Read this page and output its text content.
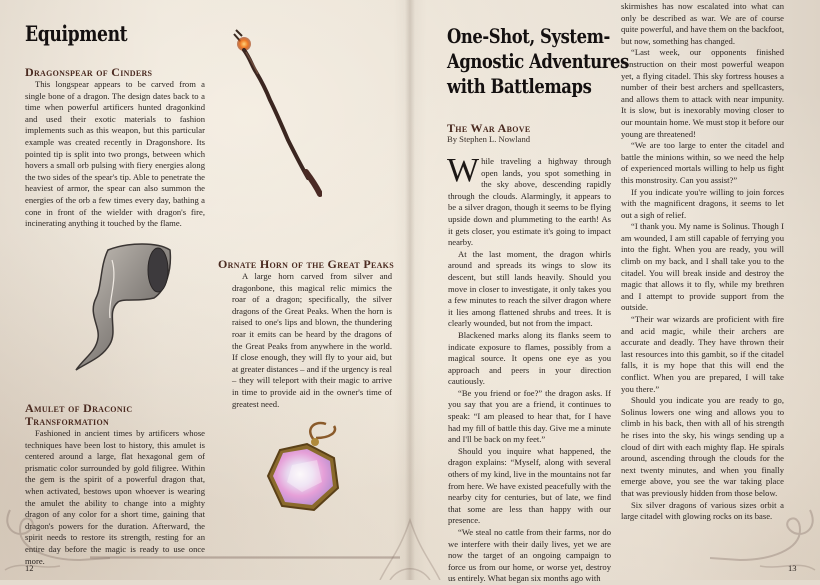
Equipment
Dragonspear of Cinders

This longspear appears to be carved from a single bone of a dragon. The design dates back to a time when powerful artificers hunted dragonkind and used their exotic materials to fashion implements such as this weapon, but this particular example was created recently in Dragonshore. Its pointed tip is split into two prongs, between which hovers a small orb pulsing with fiery energies along the two sides of the spear's tip. Able to penetrate the heaviest of armor, the spear can also summon the energies of the orb a few times every day, bathing a cone in front of the wielder with dragon's fire, incinerating anything it touched by the flame.

Ornate Horn of the Great Peaks

A large horn carved from silver and dragonbone, this magical relic mimics the roar of a dragon; specifically, the silver dragons of the Great Peaks. When the horn is raised to one's lips and blown, the thundering roar it emits can be heard by the dragons of the Great Peaks from anywhere in the world. If close enough, they will fly to your aid, but at greater distances – and if the urgency is real – they will teleport with their magic to arrive in time to provide aid in the owner's time of greatest need.

Amulet of Draconic
Transformation

Fashioned in ancient times by artificers whose techniques have been lost to history, this amulet is centered around a large, flat hexagonal gem of prismatic color surrounded by gold filigree. Within the gem is the spirit of a powerful dragon that, when activated, bestows upon whoever is wearing the amulet the ability to change into a mighty dragon of any color for a short time, gaining that dragon's powers for the duration. Afterward, the spirit needs to restore its strength, resting for an entire day before the magic is ready to use once more.

12
One-Shot, System-
Agnostic Adventures
with Battlemaps
The War Above
By Stephen L. Nowland

While traveling a highway through open lands, you spot something in the sky above, descending rapidly through the clouds. Alarmingly, it appears to be a silver dragon, though it seems to be flying upside down and plummeting to the earth! As it gets closer, you estimate it's going to impact nearby.

At the last moment, the dragon whirls around and spreads its wings to slow its descent, but still lands heavily. Should you move in closer to investigate, it only takes you a few minutes to reach the silver dragon where it lies among flattened shrubs and trees. It is clearly wounded, but not from the impact.

Blackened marks along its flanks seem to indicate exposure to flames, possibly from a magical source. It opens one eye as you approach and peers in your direction cautiously.

“Be you friend or foe?” the dragon asks. If you say that you are a friend, it continues to speak: “I am pleased to hear that, for I have had my fill of battle this day. Give me a minute and I'll be back on my feet.”

Should you inquire what happened, the dragon explains: “Myself, along with several others of my kind, live in the mountains not far from here. We have existed peacefully with the nearby city for centuries, but of late, we find that some are less than happy with our presence.

“We steal no cattle from their farms, nor do we interfere with their daily lives, yet we are now the target of an ongoing campaign to force us from our home, or worse yet, destroy us entirely. What began six months ago with

skirmishes has now escalated into what can only be described as war. We are of course quite powerful, and have them on the backfoot, but now, something has changed.

“Last week, our opponents finished construction on their most powerful weapon yet, a flying citadel. This sky fortress houses a number of their best archers and spellcasters, and allows them to attack with near impunity. It is slow, but is inexorably moving closer to our mountain home. We must stop it before our young are threatened!

“We are too large to enter the citadel and battle the minions within, so we need the help of experienced mortals willing to help us fight this monstrosity. Can you assist?”

If you indicate you're willing to join forces with the magnificent dragons, it seems to let out a sigh of relief.

“I thank you. My name is Solinus. Though I am wounded, I am still capable of ferrying you into the fight. When you are ready, you will climb on my back, and I shall take you to the citadel. You will break inside and destroy the magic that allows it to fly, while my brethren and I attempt to provide support from the outside.

“Their war wizards are proficient with fire and acid magic, while their archers are accurate and deadly. They have thrown their last resources into this gambit, so if the citadel falls, it is my hope that this will end the conflict. When you are prepared, I will take you there.”

Should you indicate you are ready to go, Solinus lowers one wing and allows you to climb in his back, then with all of his strength he rises into the sky, his wings sending up a cloud of dirt with each mighty flap. He spirals around, ascending through the clouds for the next twenty minutes, and when you finally emerge above, you see the war taking place that was previously hidden from those below.

Six silver dragons of various sizes orbit a large citadel with glowing rocks on its base.

13
